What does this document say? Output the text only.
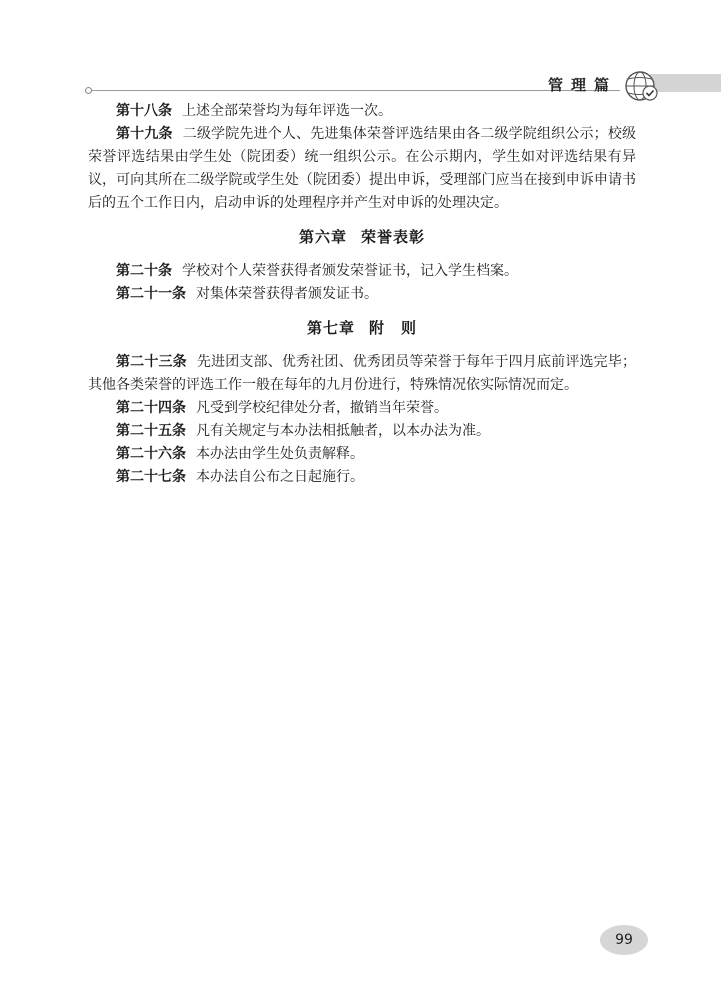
管理篇

第十八条 上述全部荣誉均为每年评选一次。

第十九条 二级学院先进个人、先进集体荣誉评选结果由各二级学院组织公示；校级荣誉评选结果由学生处（院团委）统一组织公示。在公示期内，学生如对评选结果有异议，可向其所在二级学院或学生处（院团委）提出申诉，受理部门应当在接到申诉申请书后的五个工作日内，启动申诉的处理程序并产生对申诉的处理决定。

第六章 荣誉表彰

第二十条 学校对个人荣誉获得者颁发荣誉证书，记入学生档案。

第二十一条 对集体荣誉获得者颁发证书。

第七章 附　则

第二十三条 先进团支部、优秀社团、优秀团员等荣誉于每年于四月底前评选完毕；其他各类荣誉的评选工作一般在每年的九月份进行，特殊情况依实际情况而定。

第二十四条 凡受到学校纪律处分者，撤销当年荣誉。

第二十五条 凡有关规定与本办法相抵触者，以本办法为准。

第二十六条 本办法由学生处负责解释。

第二十七条 本办法自公布之日起施行。

99
